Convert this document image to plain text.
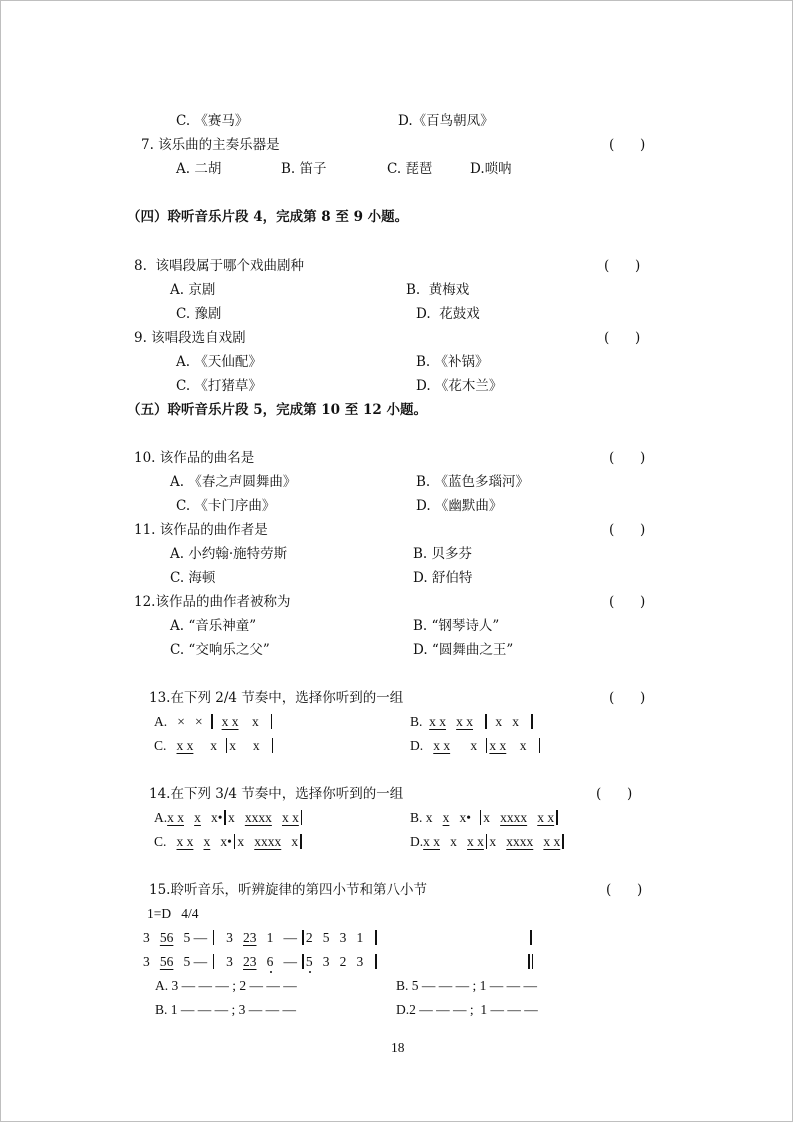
C. 《赛马》	D.《百鸟朝凤》
7. 该乐曲的主奏乐器是	(      )
A. 二胡	B. 笛子	C. 琵琶	D.唢呐
（四）聆听音乐片段 4，完成第 8 至 9 小题。
8.  该唱段属于哪个戏曲剧种	(      )
A. 京剧	B.  黄梅戏
C. 豫剧	D.  花鼓戏
9. 该唱段选自戏剧	(      )
A. 《天仙配》	B. 《补锅》
C. 《打猪草》	D. 《花木兰》
（五）聆听音乐片段 5，完成第 10 至 12 小题。
10. 该作品的曲名是	(      )
A. 《春之声圆舞曲》	B. 《蓝色多瑙河》
C. 《卡门序曲》	D. 《幽默曲》
11. 该作品的曲作者是	(      )
A. 小约翰·施特劳斯	B. 贝多芬
C. 海顿	D. 舒伯特
12.该作品的曲作者被称为	(      )
A. “音乐神童”	B. “钢琴诗人”
C. “交响乐之父”	D. “圆舞曲之王”
13.在下列 2/4 节奏中，选择你听到的一组	(      )
A. × × x x x	B. x x x x x x
C. x x x x x	D. x x x x x x
14.在下列 3/4 节奏中，选择你听到的一组	(      )
A.x x x x• x xxxx x x	B. x x x• x xxxx x x
C. x x x x• x xxxx x	D.x x x x x x xxxx x x
15.聆听音乐，听辨旋律的第四小节和第八小节	(      )
1=D   4/4
3   56   5 —    3   23   1   — 2   5   3   1
3   56   5 —    3   23 6   — 5   3   2   3
A. 3 — — — ; 2 — — —	B. 5 — — — ; 1 — — —
B. 1 — — — ; 3 — — —	D.2 — — — ;  1 — — —
18
